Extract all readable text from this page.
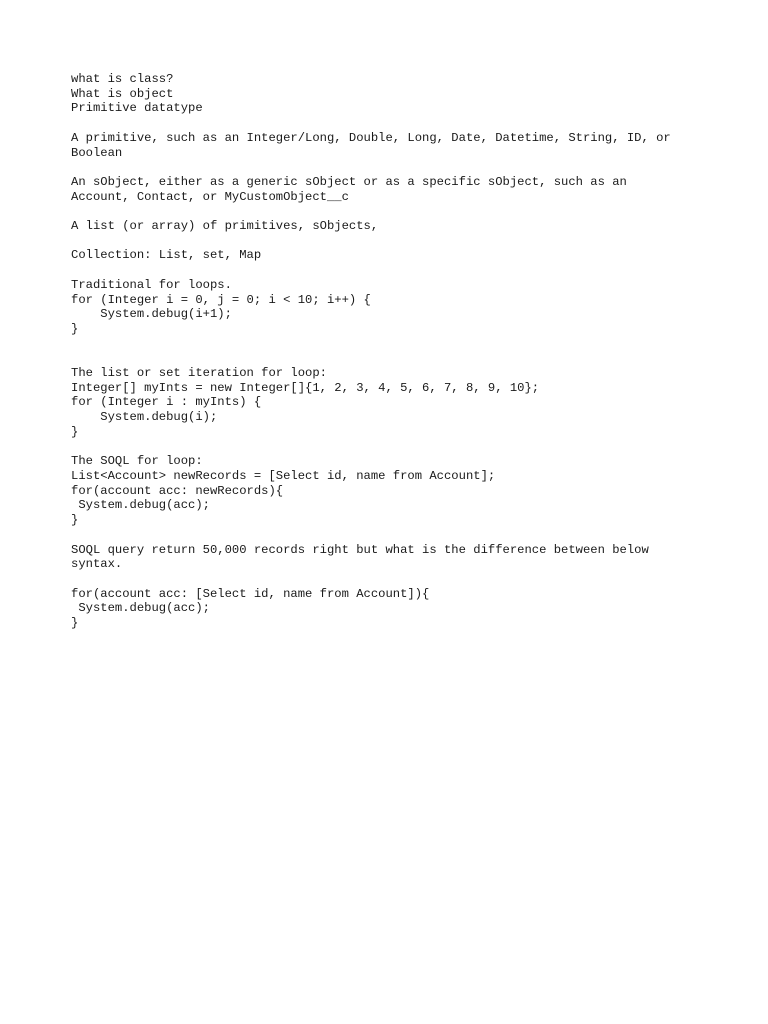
what is class?
What is object
Primitive datatype

A primitive, such as an Integer/Long, Double, Long, Date, Datetime, String, ID, or
Boolean

An sObject, either as a generic sObject or as a specific sObject, such as an
Account, Contact, or MyCustomObject__c

A list (or array) of primitives, sObjects,

Collection: List, set, Map

Traditional for loops.
for (Integer i = 0, j = 0; i < 10; i++) {
System.debug(i+1);
}

The list or set iteration for loop:
Integer[] myInts = new Integer[]{1, 2, 3, 4, 5, 6, 7, 8, 9, 10};
for (Integer i : myInts) {
System.debug(i);
}

The SOQL for loop:
List<Account> newRecords = [Select id, name from Account];
for(account acc: newRecords){
System.debug(acc);
}

SOQL query return 50,000 records right but what is the difference between below
syntax.

for(account acc: [Select id, name from Account]){
System.debug(acc);
}
